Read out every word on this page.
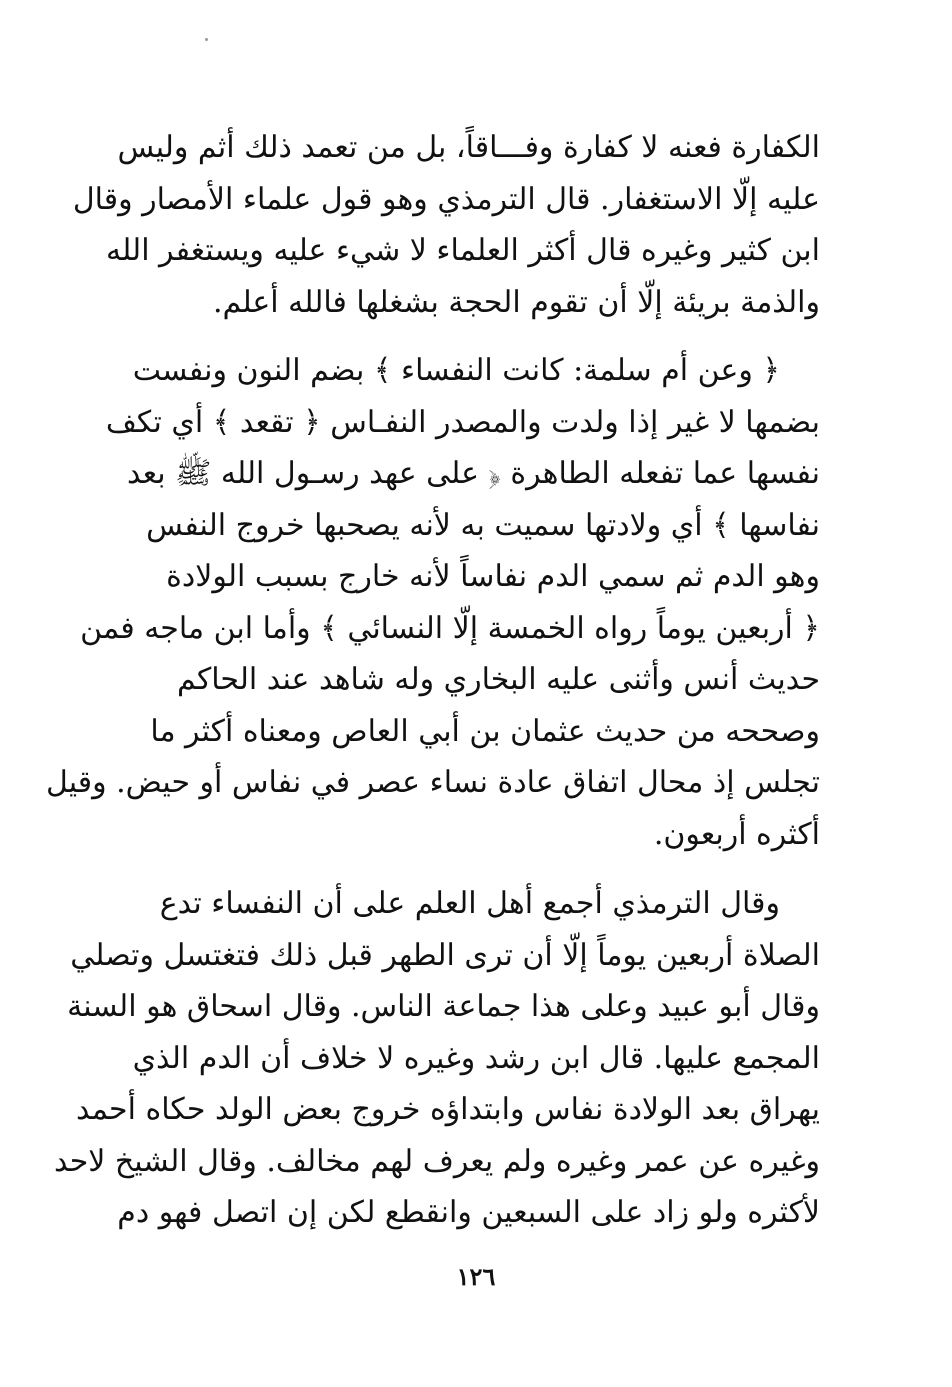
الكفارة فعنه لا كفارة وفـــاقاً، بل من تعمد ذلك أثم وليس
عليه إلّا الاستغفار. قال الترمذي وهو قول علماء الأمصار وقال
ابن كثير وغيره قال أكثر العلماء لا شيء عليه ويستغفر الله
والذمة بريئة إلّا أن تقوم الحجة بشغلها فالله أعلم.
﴿ وعن أم سلمة: كانت النفساء ﴾ بضم النون ونفست
بضمها لا غير إذا ولدت والمصدر النفـاس ﴿ تقعد ﴾ أي تكف
نفسها عما تفعله الطاهرة ﴿ على عهد رسـول الله ﷺ بعد
نفاسها ﴾ أي ولادتها سميت به لأنه يصحبها خروج النفس
وهو الدم ثم سمي الدم نفاساً لأنه خارج بسبب الولادة
﴿ أربعين يوماً رواه الخمسة إلّا النسائي ﴾ وأما ابن ماجه فمن
حديث أنس وأثنى عليه البخاري وله شاهد عند الحاكم
وصححه من حديث عثمان بن أبي العاص ومعناه أكثر ما
تجلس إذ محال اتفاق عادة نساء عصر في نفاس أو حيض. وقيل
أكثره أربعون.
وقال الترمذي أجمع أهل العلم على أن النفساء تدع
الصلاة أربعين يوماً إلّا أن ترى الطهر قبل ذلك فتغتسل وتصلي
وقال أبو عبيد وعلى هذا جماعة الناس. وقال اسحاق هو السنة
المجمع عليها. قال ابن رشد وغيره لا خلاف أن الدم الذي
يهراق بعد الولادة نفاس وابتداؤه خروج بعض الولد حكاه أحمد
وغيره عن عمر وغيره ولم يعرف لهم مخالف. وقال الشيخ لاحد
لأكثره ولو زاد على السبعين وانقطع لكن إن اتصل فهو دم
١٢٦
